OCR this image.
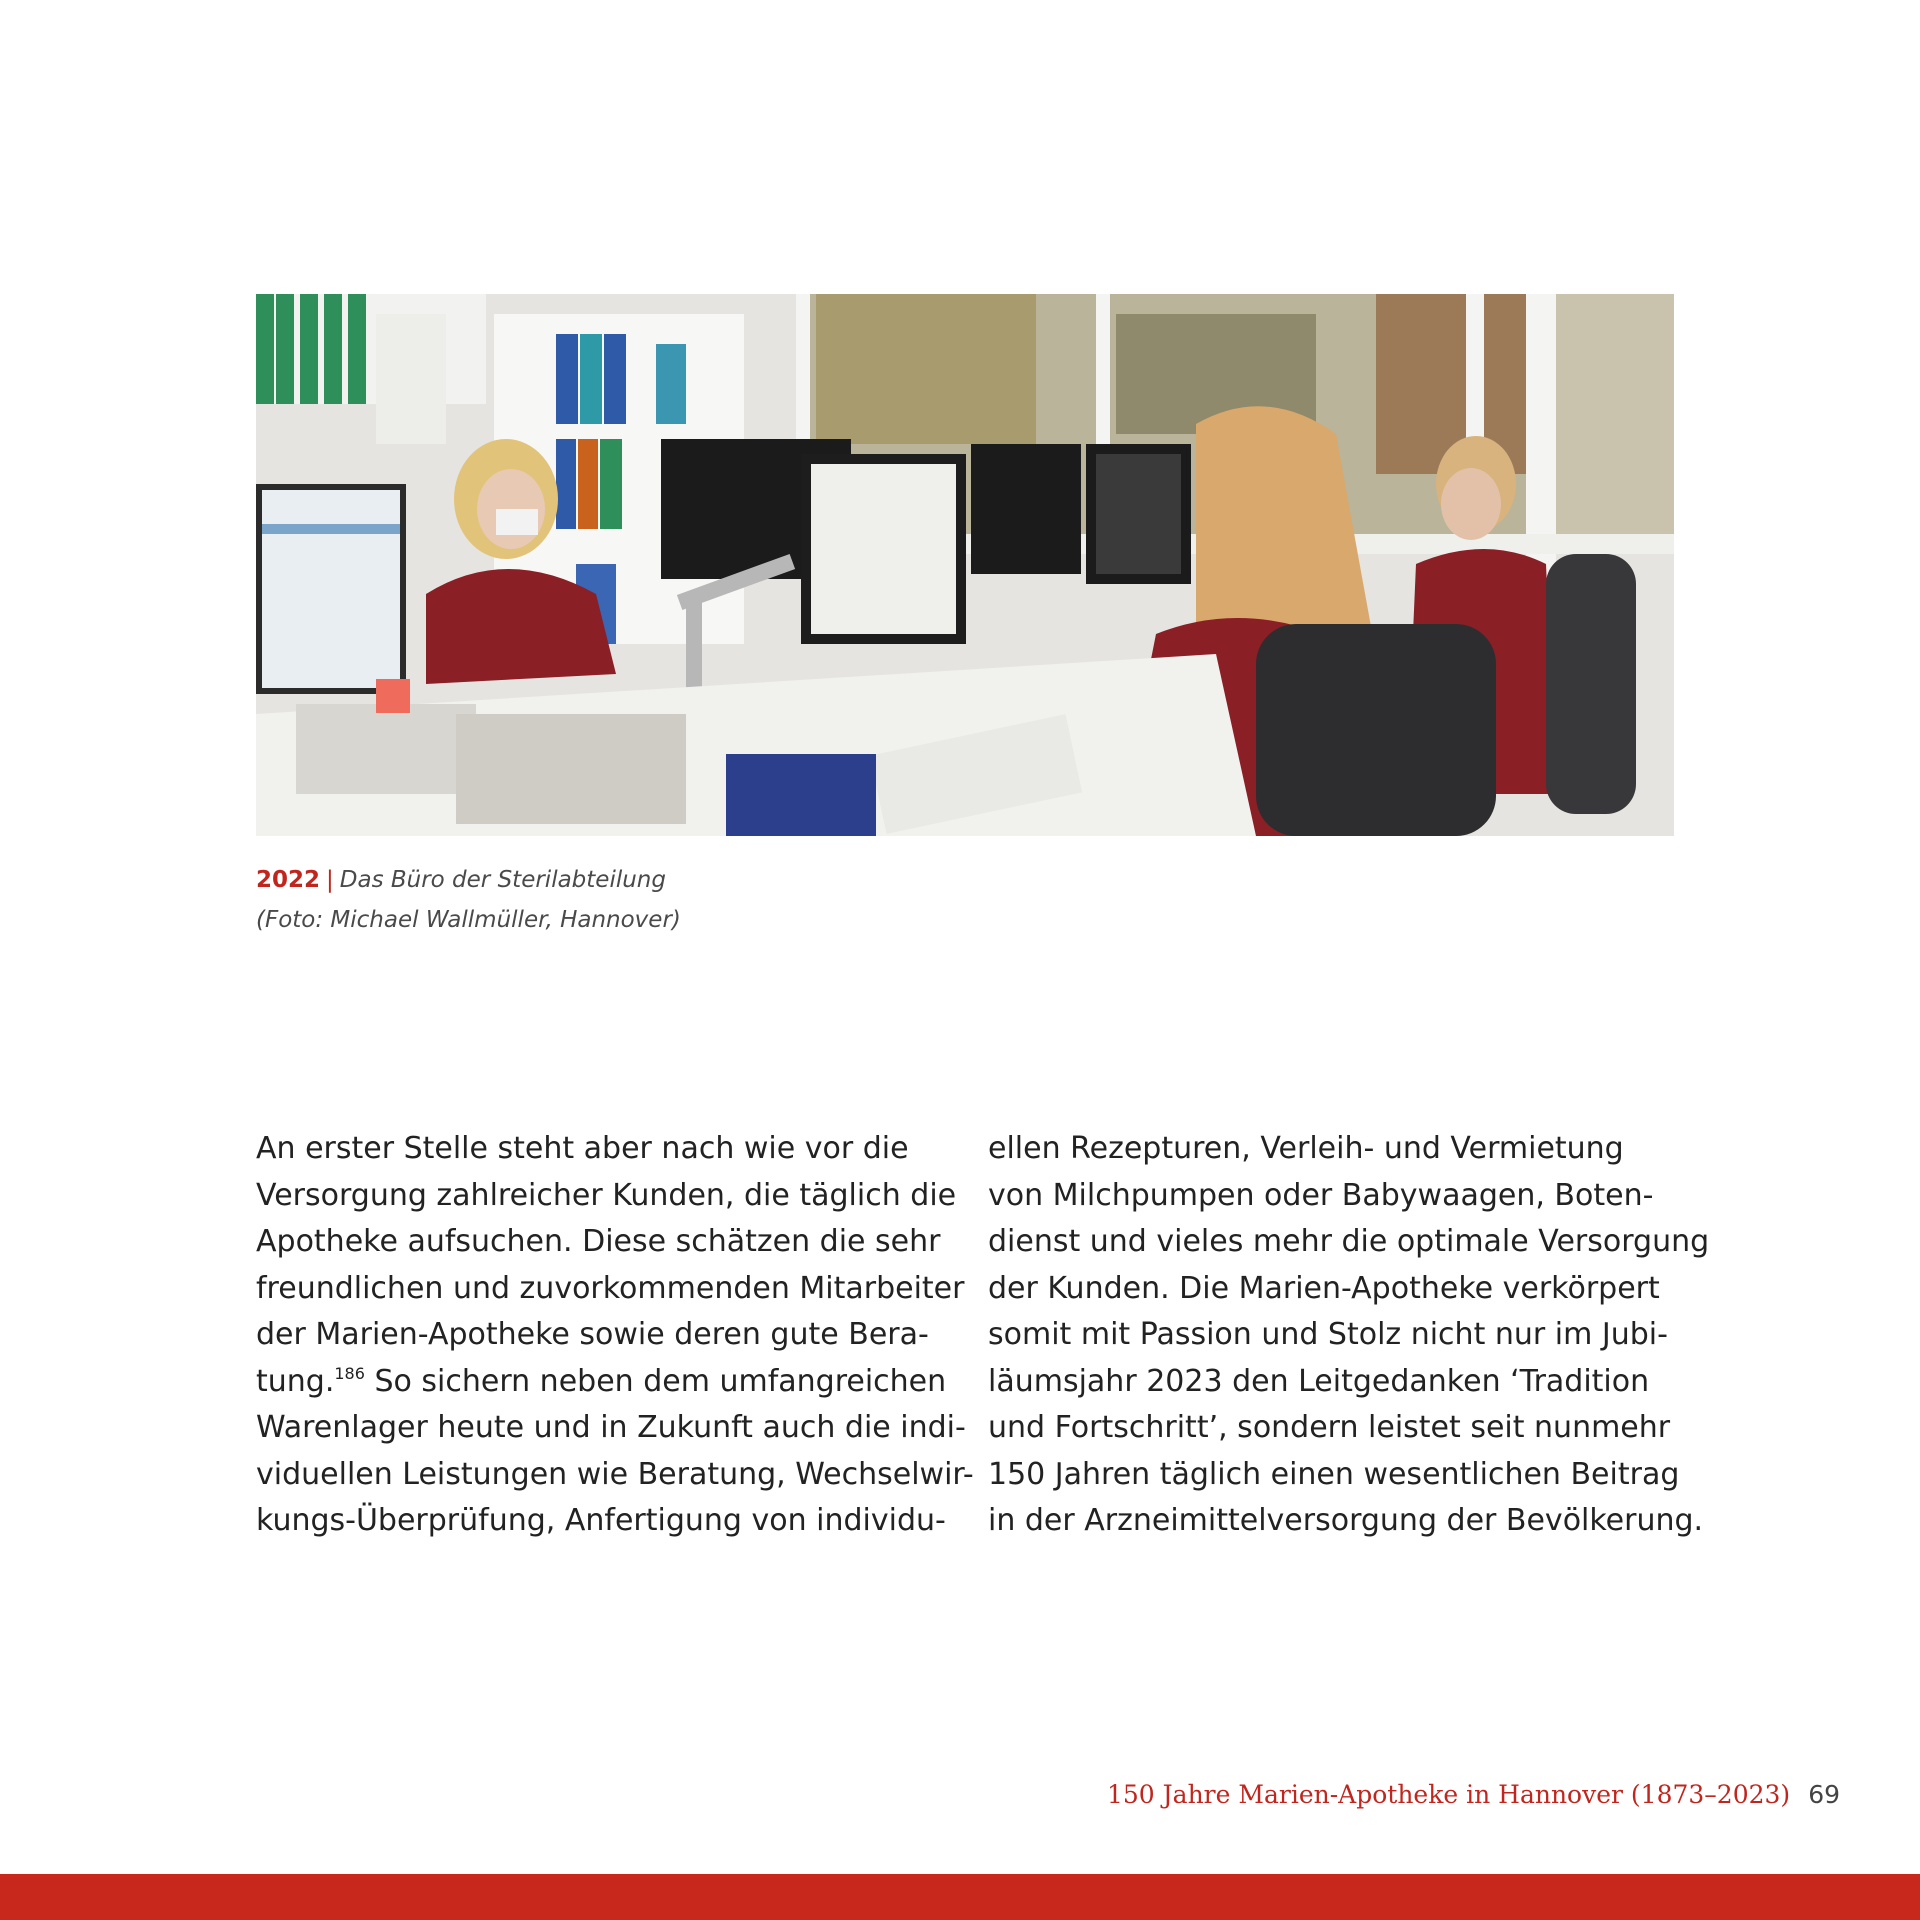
2022 | Das Büro der Sterilabteilung
(Foto: Michael Wallmüller, Hannover)
An erster Stelle steht aber nach wie vor die
Versorgung zahlreicher Kunden, die täglich die
Apotheke aufsuchen. Diese schätzen die sehr
freundlichen und zuvorkommenden Mitarbeiter
der Marien-Apotheke sowie deren gute Bera-
tung.$^{186}$ So sichern neben dem umfangreichen
Warenlager heute und in Zukunft auch die indi-
viduellen Leistungen wie Beratung, Wechselwir-
kungs-Überprüfung, Anfertigung von individu-
ellen Rezepturen, Verleih- und Vermietung
von Milchpumpen oder Babywaagen, Boten-
dienst und vieles mehr die optimale Versorgung
der Kunden. Die Marien-Apotheke verkörpert
somit mit Passion und Stolz nicht nur im Jubi-
läumsjahr 2023 den Leitgedanken ‘Tradition
und Fortschritt’, sondern leistet seit nunmehr
150 Jahren täglich einen wesentlichen Beitrag
in der Arzneimittelversorgung der Bevölkerung.
150 Jahre Marien-Apotheke in Hannover (1873–2023) 69
